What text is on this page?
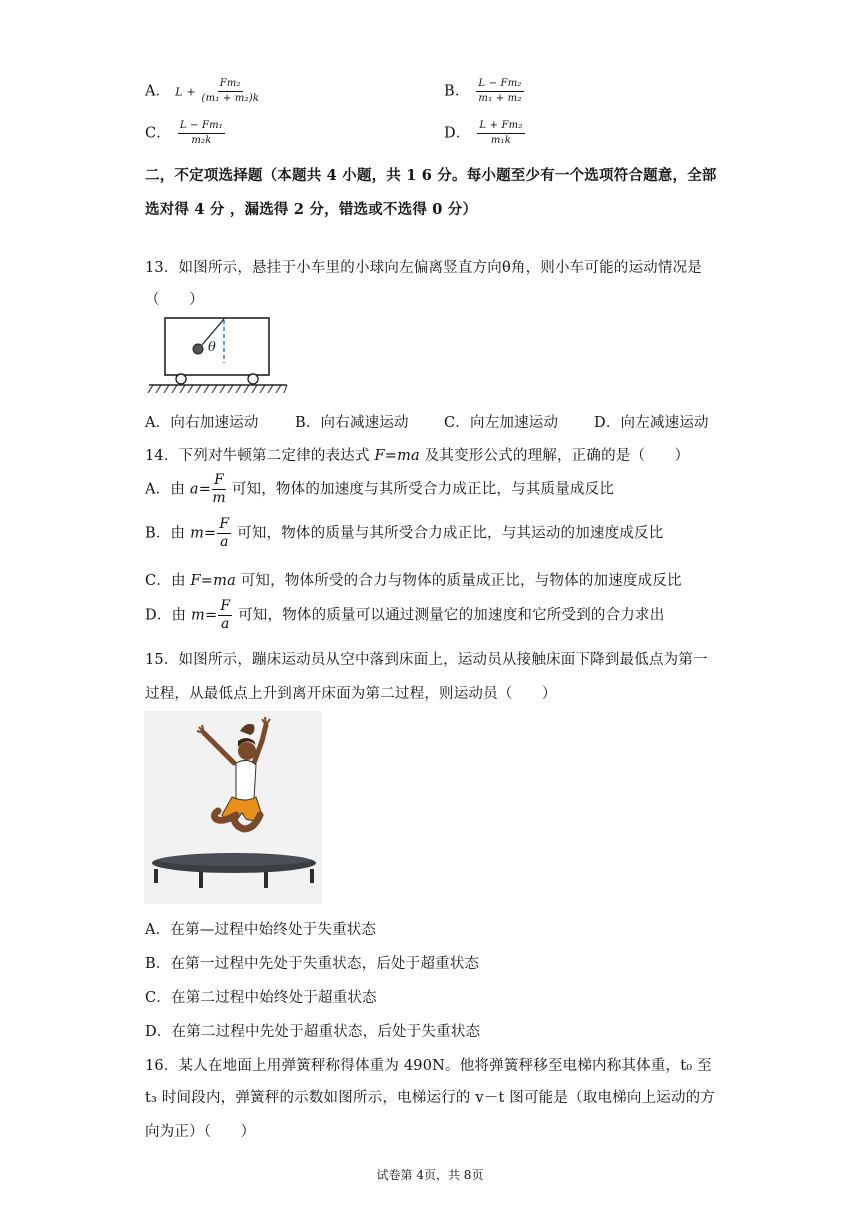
A． $L + \frac{\text{Fm₂}}{\text{(m₁ + m₂)k}}$	B． $\frac{\text{L − Fm₂}}{\text{m₁ + m₂}}$
C． $\frac{\text{L − Fm₁}}{\text{m₂k}}$	D． $\frac{\text{L + Fm₂}}{\text{m₁k}}$
二，不定项选择题（本题共 4 小题，共 1 6 分。每小题至少有一个选项符合题意，全部
选对得 4 分 ，漏选得 2 分，错选或不选得 0 分）
13．如图所示，悬挂于小车里的小球向左偏离竖直方向θ角，则小车可能的运动情况是
（　　）
θ
A．向右加速运动	B．向右减速运动 C．向左加速运动 D．向左减速运动
14．下列对牛顿第二定律的表达式 F=ma 及其变形公式的理解，正确的是（　　）
A．由 $a= \frac{F}{m}$ 可知，物体的加速度与其所受合力成正比，与其质量成反比
B．由 $m= \frac{F}{a}$ 可知，物体的质量与其所受合力成正比，与其运动的加速度成反比
C．由 F=ma 可知，物体所受的合力与物体的质量成正比，与物体的加速度成反比
D．由 $m= \frac{F}{a}$ 可知，物体的质量可以通过测量它的加速度和它所受到的合力求出
15．如图所示，蹦床运动员从空中落到床面上，运动员从接触床面下降到最低点为第一
过程，从最低点上升到离开床面为第二过程，则运动员（　　）
A．在第—过程中始终处于失重状态
B．在第一过程中先处于失重状态，后处于超重状态
C．在第二过程中始终处于超重状态
D．在第二过程中先处于超重状态，后处于失重状态
16．某人在地面上用弹簧秤称得体重为 490N。他将弹簧秤移至电梯内称其体重，t₀ 至
t₃ 时间段内，弹簧秤的示数如图所示，电梯运行的 v－t 图可能是（取电梯向上运动的方
向为正）（　　）
试卷第 4页，共 8页
